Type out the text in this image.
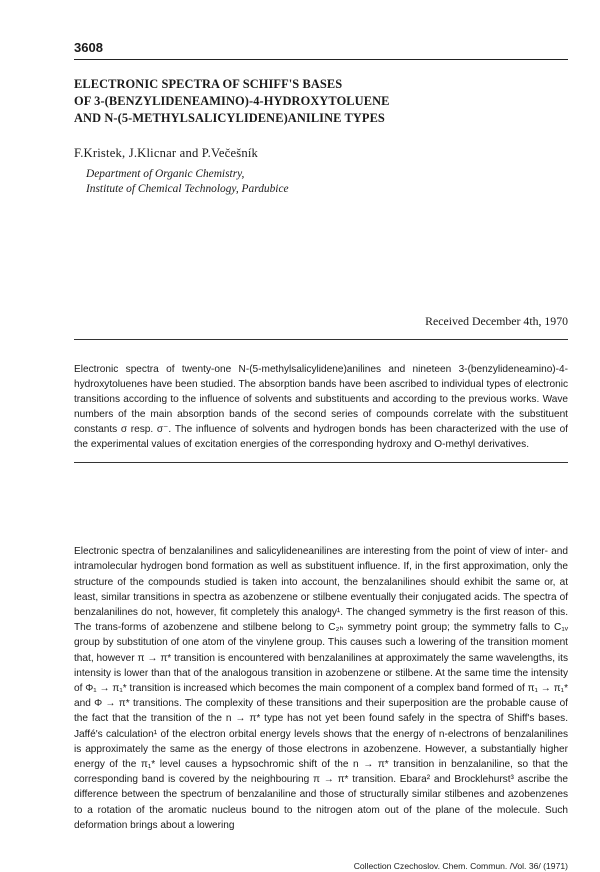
3608

ELECTRONIC SPECTRA OF SCHIFF'S BASES
OF 3-(BENZYLIDENEAMINO)-4-HYDROXYTOLUENE
AND N-(5-METHYLSALICYLIDENE)ANILINE TYPES

F.Kristek, J.Klicnar and P.Večešník

Department of Organic Chemistry,
Institute of Chemical Technology, Pardubice

Received December 4th, 1970

Electronic spectra of twenty-one N-(5-methylsalicylidene)anilines and nineteen 3-(benzylideneamino)-4-hydroxytoluenes have been studied. The absorption bands have been ascribed to individual types of electronic transitions according to the influence of solvents and substituents and according to the previous works. Wave numbers of the main absorption bands of the second series of compounds correlate with the substituent constants σ resp. σ⁻. The influence of solvents and hydrogen bonds has been characterized with the use of the experimental values of excitation energies of the corresponding hydroxy and O-methyl derivatives.

Electronic spectra of benzalanilines and salicylideneanilines are interesting from the point of view of inter- and intramolecular hydrogen bond formation as well as substituent influence. If, in the first approximation, only the structure of the compounds studied is taken into account, the benzalanilines should exhibit the same or, at least, similar transitions in spectra as azobenzene or stilbene eventually their conjugated acids. The spectra of benzalanilines do not, however, fit completely this analogy¹. The changed symmetry is the first reason of this. The trans-forms of azobenzene and stilbene belong to C₂ₕ symmetry point group; the symmetry falls to C₁ᵥ group by substitution of one atom of the vinylene group. This causes such a lowering of the transition moment that, however π → π* transition is encountered with benzalanilines at approximately the same wavelengths, its intensity is lower than that of the analogous transition in azobenzene or stilbene. At the same time the intensity of Φ₁ → π₁* transition is increased which becomes the main component of a complex band formed of π₁ → π₁* and Φ → π* transitions. The complexity of these transitions and their superposition are the probable cause of the fact that the transition of the n → π* type has not yet been found safely in the spectra of Shiff's bases. Jaffé's calculation¹ of the electron orbital energy levels shows that the energy of n-electrons of benzalanilines is approximately the same as the energy of those electrons in azobenzene. However, a substantially higher energy of the π₁* level causes a hypsochromic shift of the n → π* transition in benzalaniline, so that the corresponding band is covered by the neighbouring π → π* transition. Ebara² and Brocklehurst³ ascribe the difference between the spectrum of benzalaniline and those of structurally similar stilbenes and azobenzenes to a rotation of the aromatic nucleus bound to the nitrogen atom out of the plane of the molecule. Such deformation brings about a lowering

Collection Czechoslov. Chem. Commun. /Vol. 36/ (1971)
